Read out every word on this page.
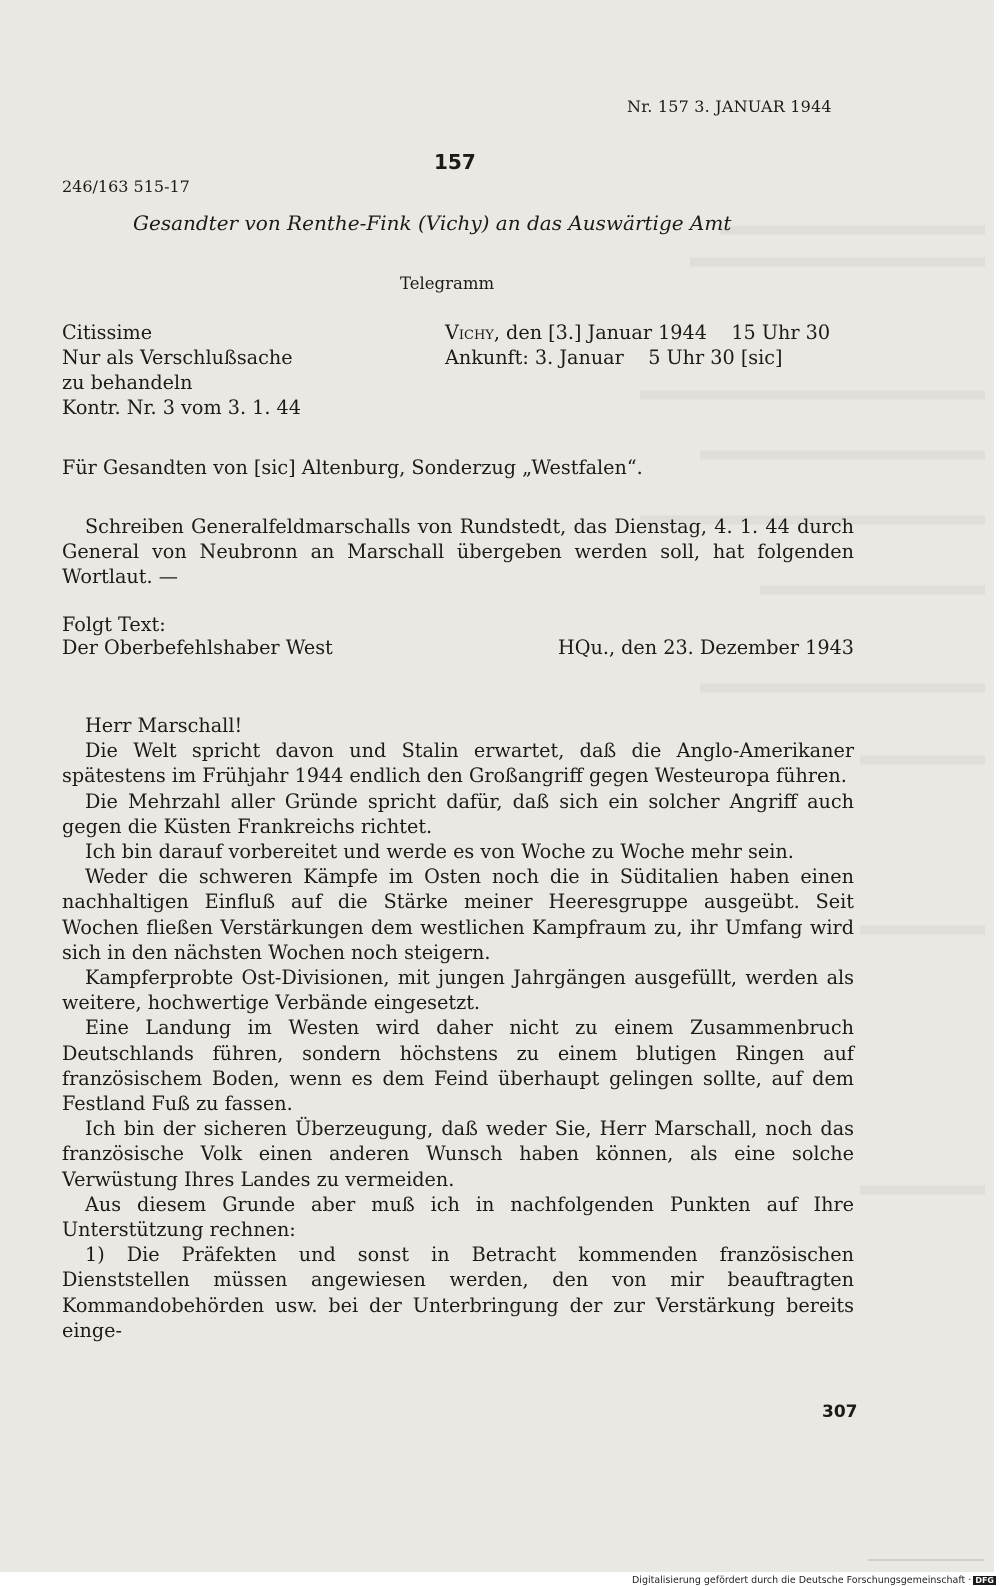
Nr. 157 3. JANUAR 1944
157
246/163 515-17
Gesandter von Renthe-Fink (Vichy) an das Auswärtige Amt
Telegramm
Citissime
Nur als Verschlußsache
zu behandeln
Kontr. Nr. 3 vom 3. 1. 44
Vichy, den [3.] Januar 1944    15 Uhr 30
Ankunft: 3. Januar    5 Uhr 30 [sic]

Für Gesandten von [sic] Altenburg, Sonderzug „Westfalen“.

Schreiben Generalfeldmarschalls von Rundstedt, das Dienstag, 4. 1. 44 durch General von Neubronn an Marschall übergeben werden soll, hat folgenden Wortlaut. —

Folgt Text:

Der Oberbefehlshaber West	HQu., den 23. Dezember 1943

Herr Marschall!

Die Welt spricht davon und Stalin erwartet, daß die Anglo-Amerikaner spätestens im Frühjahr 1944 endlich den Großangriff gegen Westeuropa führen.

Die Mehrzahl aller Gründe spricht dafür, daß sich ein solcher Angriff auch gegen die Küsten Frankreichs richtet.

Ich bin darauf vorbereitet und werde es von Woche zu Woche mehr sein.

Weder die schweren Kämpfe im Osten noch die in Süditalien haben einen nachhaltigen Einfluß auf die Stärke meiner Heeresgruppe ausgeübt. Seit Wochen fließen Verstärkungen dem westlichen Kampfraum zu, ihr Umfang wird sich in den nächsten Wochen noch steigern.

Kampferprobte Ost-Divisionen, mit jungen Jahrgängen ausgefüllt, werden als weitere, hochwertige Verbände eingesetzt.

Eine Landung im Westen wird daher nicht zu einem Zusammenbruch Deutschlands führen, sondern höchstens zu einem blutigen Ringen auf französischem Boden, wenn es dem Feind überhaupt gelingen sollte, auf dem Festland Fuß zu fassen.

Ich bin der sicheren Überzeugung, daß weder Sie, Herr Marschall, noch das französische Volk einen anderen Wunsch haben können, als eine solche Verwüstung Ihres Landes zu vermeiden.

Aus diesem Grunde aber muß ich in nachfolgenden Punkten auf Ihre Unterstützung rechnen:

1) Die Präfekten und sonst in Betracht kommenden französischen Dienststellen müssen angewiesen werden, den von mir beauftragten Kommandobehörden usw. bei der Unterbringung der zur Verstärkung bereits einge-

307
Digitalisierung gefördert durch die Deutsche Forschungsgemeinschaft · DFG
